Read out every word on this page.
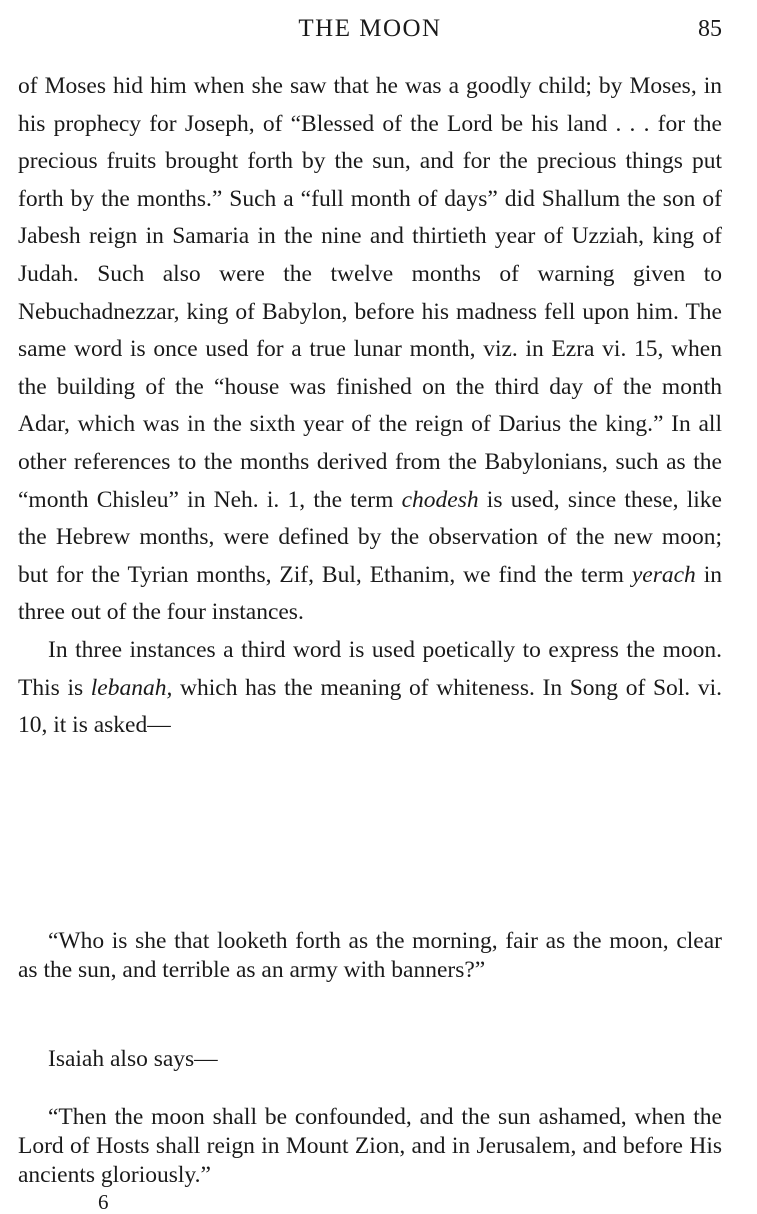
THE MOON	85

of Moses hid him when she saw that he was a goodly child; by Moses, in his prophecy for Joseph, of “Blessed of the Lord be his land . . . for the precious fruits brought forth by the sun, and for the precious things put forth by the months.” Such a “full month of days” did Shallum the son of Jabesh reign in Samaria in the nine and thirtieth year of Uzziah, king of Judah. Such also were the twelve months of warning given to Nebuchadnezzar, king of Babylon, before his madness fell upon him. The same word is once used for a true lunar month, viz. in Ezra vi. 15, when the building of the “house was finished on the third day of the month Adar, which was in the sixth year of the reign of Darius the king.” In all other references to the months derived from the Babylonians, such as the “month Chisleu” in Neh. i. 1, the term chodesh is used, since these, like the Hebrew months, were defined by the observation of the new moon; but for the Tyrian months, Zif, Bul, Ethanim, we find the term yerach in three out of the four instances.

In three instances a third word is used poetically to express the moon. This is lebanah, which has the meaning of whiteness. In Song of Sol. vi. 10, it is asked—

“Who is she that looketh forth as the morning, fair as the moon, clear as the sun, and terrible as an army with banners?”

Isaiah also says—

“Then the moon shall be confounded, and the sun ashamed, when the Lord of Hosts shall reign in Mount Zion, and in Jerusalem, and before His ancients gloriously.”

6
